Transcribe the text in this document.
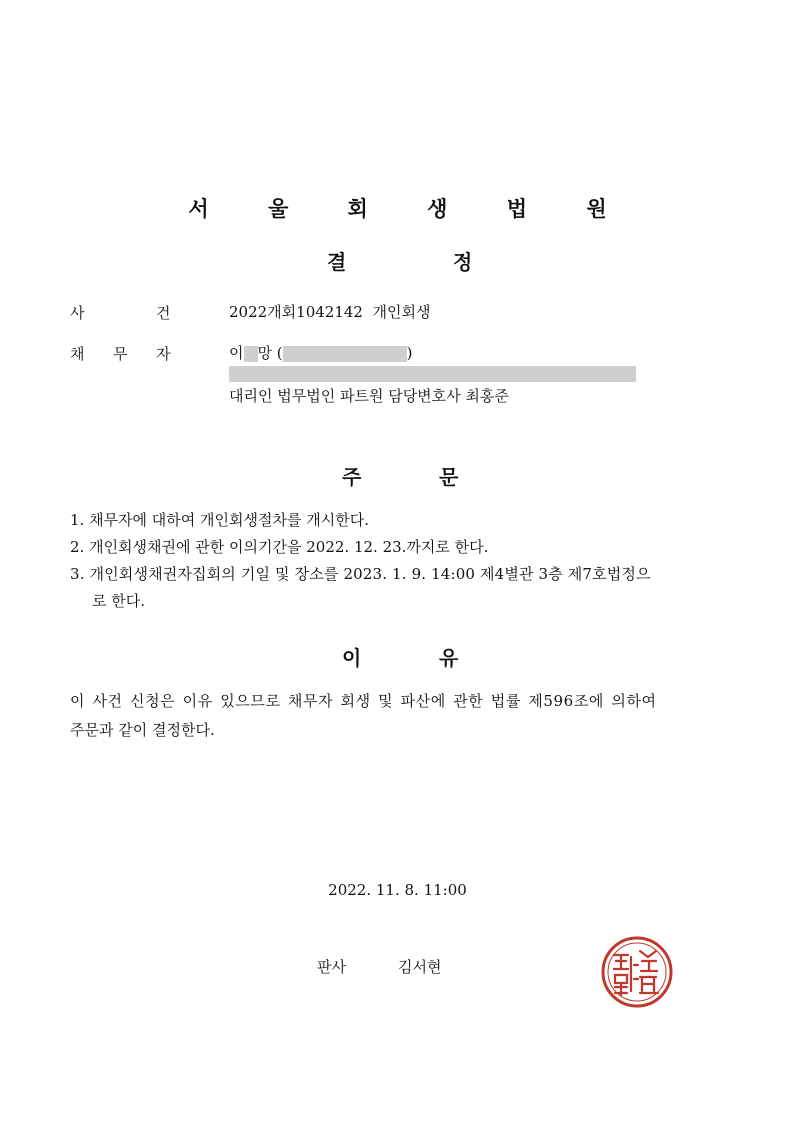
서 울 회 생 법 원
결	정
사	건	2022개회1042142  개인회생
채 무 자	이 망 (	)
대리인 법무법인 파트원 담당변호사 최홍준
주	문
1. 채무자에 대하여 개인회생절차를 개시한다.
2. 개인회생채권에 관한 이의기간을 2022. 12. 23.까지로 한다.
3. 개인회생채권자집회의 기일 및 장소를 2023. 1. 9. 14:00 제4별관 3층 제7호법정으
로 한다.
이	유
이 사건 신청은 이유 있으므로 채무자 회생 및 파산에 관한 법률 제596조에 의하여
주문과 같이 결정한다.
2022. 11. 8. 11:00
판사	김서현
